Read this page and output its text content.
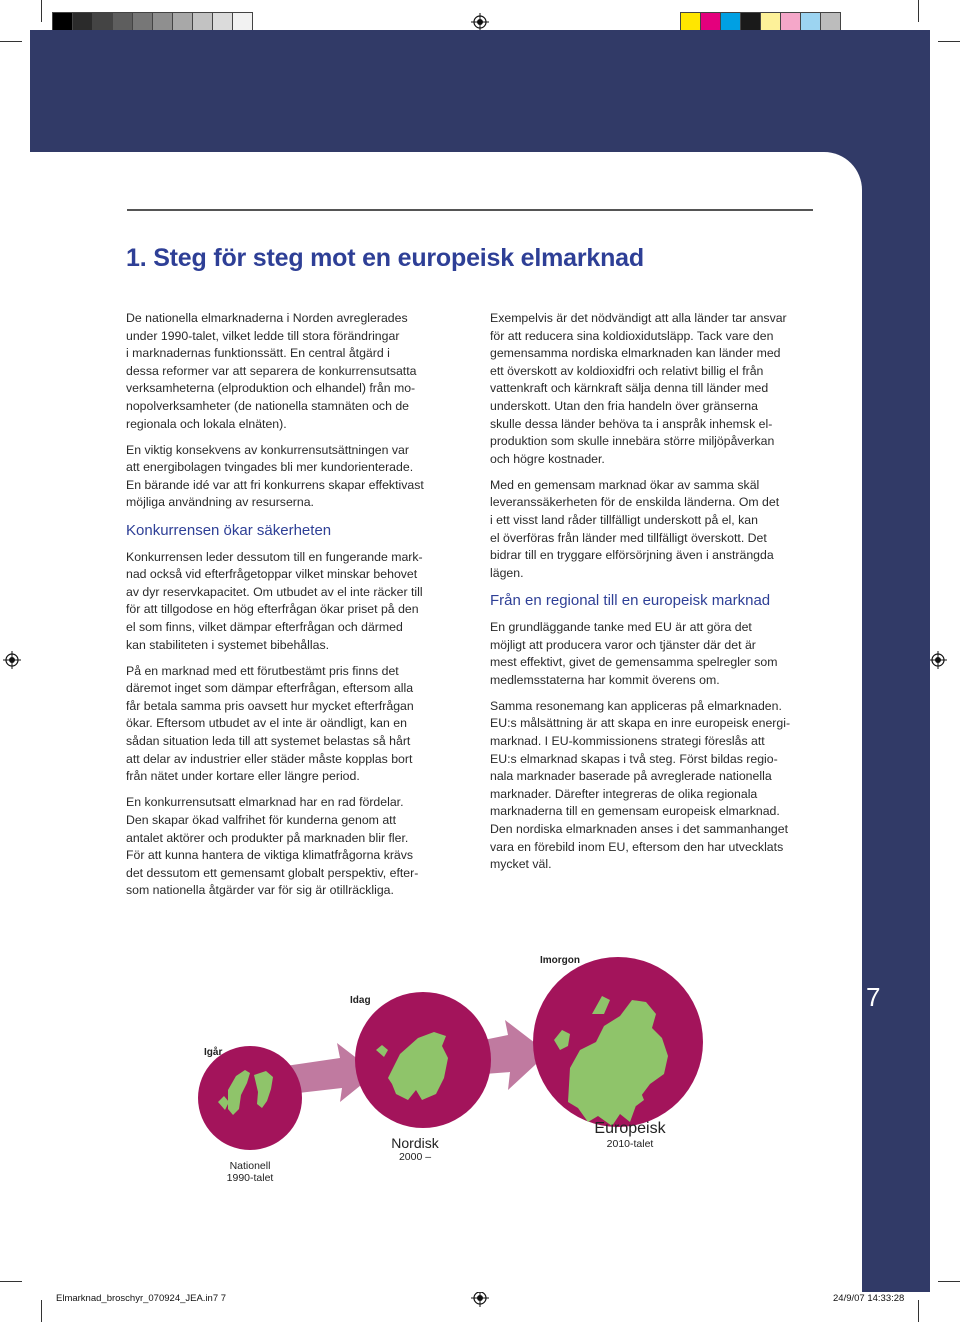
1. Steg för steg mot en europeisk elmarknad

De nationella elmarknaderna i Norden avreglerades
under 1990-talet, vilket ledde till stora förändringar
i marknadernas funktionssätt. En central åtgärd i
dessa reformer var att separera de konkurrensutsatta
verksamheterna (elproduktion och elhandel) från mo-
nopolverksamheter (de nationella stamnäten och de
regionala och lokala elnäten).

En viktig konsekvens av konkurrensutsättningen var
att energibolagen tvingades bli mer kundorienterade.
En bärande idé var att fri konkurrens skapar effektivast
möjliga användning av resurserna.

Konkurrensen ökar säkerheten

Konkurrensen leder dessutom till en fungerande mark-
nad också vid efterfrågetoppar vilket minskar behovet
av dyr reservkapacitet. Om utbudet av el inte räcker till
för att tillgodose en hög efterfrågan ökar priset på den
el som finns, vilket dämpar efterfrågan och därmed
kan stabiliteten i systemet bibehållas.

På en marknad med ett förutbestämt pris finns det
däremot inget som dämpar efterfrågan, eftersom alla
får betala samma pris oavsett hur mycket efterfrågan
ökar. Eftersom utbudet av el inte är oändligt, kan en
sådan situation leda till att systemet belastas så hårt
att delar av industrier eller städer måste kopplas bort
från nätet under kortare eller längre period.

En konkurrensutsatt elmarknad har en rad fördelar.
Den skapar ökad valfrihet för kunderna genom att
antalet aktörer och produkter på marknaden blir fler.
För att kunna hantera de viktiga klimatfrågorna krävs
det dessutom ett gemensamt globalt perspektiv, efter-
som nationella åtgärder var för sig är otillräckliga.

Exempelvis är det nödvändigt att alla länder tar ansvar
för att reducera sina koldioxidutsläpp. Tack vare den
gemensamma nordiska elmarknaden kan länder med
ett överskott av koldioxidfri och relativt billig el från
vattenkraft och kärnkraft sälja denna till länder med
underskott. Utan den fria handeln över gränserna
skulle dessa länder behöva ta i anspråk inhemsk el-
produktion som skulle innebära större miljöpåverkan
och högre kostnader.

Med en gemensam marknad ökar av samma skäl
leveranssäkerheten för de enskilda länderna. Om det
i ett visst land råder tillfälligt underskott på el, kan
el överföras från länder med tillfälligt överskott. Det
bidrar till en tryggare elförsörjning även i ansträngda
lägen.

Från en regional till en europeisk marknad

En grundläggande tanke med EU är att göra det
möjligt att producera varor och tjänster där det är
mest effektivt, givet de gemensamma spelregler som
medlemsstaterna har kommit överens om.

Samma resonemang kan appliceras på elmarknaden.
EU:s målsättning är att skapa en inre europeisk energi-
marknad. I EU-kommissionens strategi föreslås att
EU:s elmarknad skapas i två steg. Först bildas regio-
nala marknader baserade på avreglerade nationella
marknader. Därefter integreras de olika regionala
marknaderna till en gemensam europeisk elmarknad.
Den nordiska elmarknaden anses i det sammanhanget
vara en förebild inom EU, eftersom den har utvecklats
mycket väl.

7
Igår
Idag
Imorgon
Nationell
1990-talet
Nordisk
2000 –
Europeisk
2010-talet
Elmarknad_broschyr_070924_JEA.in7 7	24/9/07 14:33:28
